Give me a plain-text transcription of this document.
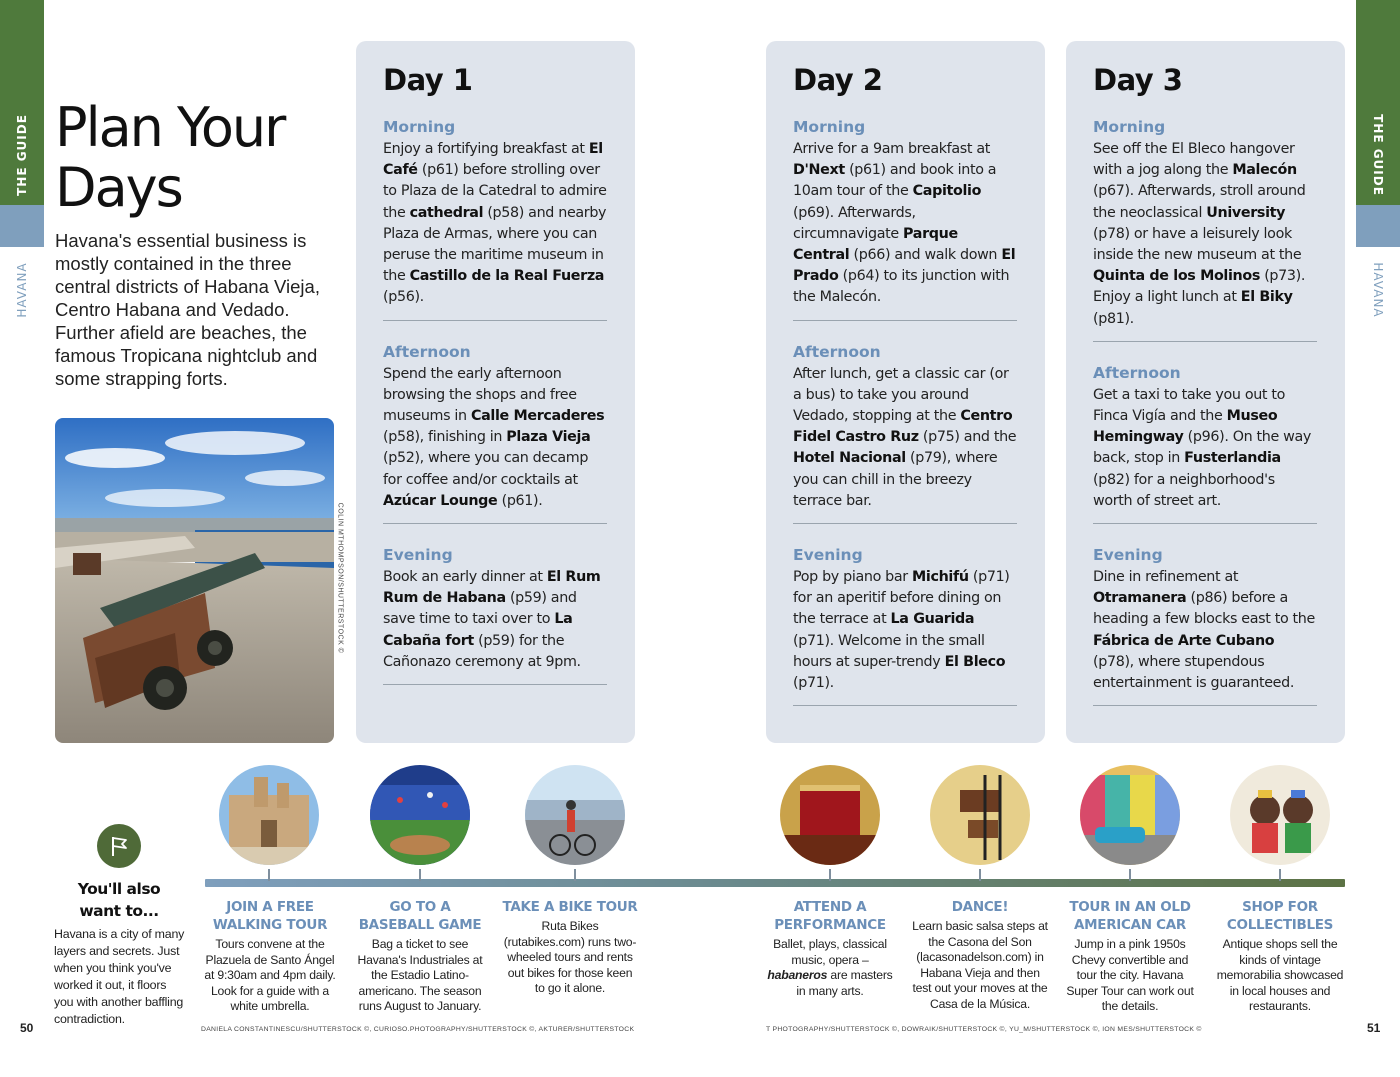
THE GUIDE
HAVANA
THE GUIDE
HAVANA
Plan Your Days

Havana's essential business is mostly contained in the three central districts of Habana Vieja, Centro Habana and Vedado. Further afield are beaches, the famous Tropicana nightclub and some strapping forts.

COLIN MTHOMPSON/SHUTTERSTOCK ©
Day 1
Morning
Enjoy a fortifying breakfast at El Café (p61) before strolling over to Plaza de la Catedral to admire the cathedral (p58) and nearby Plaza de Armas, where you can peruse the maritime museum in the Castillo de la Real Fuerza (p56).
Afternoon
Spend the early afternoon browsing the shops and free museums in Calle Mercaderes (p58), finishing in Plaza Vieja (p52), where you can decamp for coffee and/or cocktails at Azúcar Lounge (p61).
Evening
Book an early dinner at El Rum Rum de Habana (p59) and save time to taxi over to La Cabaña fort (p59) for the Cañonazo ceremony at 9pm.
Day 2
Morning
Arrive for a 9am breakfast at D'Next (p61) and book into a 10am tour of the Capitolio (p69). Afterwards, circumnavigate Parque Central (p66) and walk down El Prado (p64) to its junction with the Malecón.
Afternoon
After lunch, get a classic car (or a bus) to take you around Vedado, stopping at the Centro Fidel Castro Ruz (p75) and the Hotel Nacional (p79), where you can chill in the breezy terrace bar.
Evening
Pop by piano bar Michifú (p71) for an aperitif before dining on the terrace at La Guarida (p71). Welcome in the small hours at super-trendy El Bleco (p71).
Day 3
Morning
See off the El Bleco hangover with a jog along the Malecón (p67). Afterwards, stroll around the neoclassical University (p78) or have a leisurely look inside the new museum at the Quinta de los Molinos (p73). Enjoy a light lunch at El Biky (p81).
Afternoon
Get a taxi to take you out to Finca Vigía and the Museo Hemingway (p96). On the way back, stop in Fusterlandia (p82) for a neighborhood's worth of street art.
Evening
Dine in refinement at Otramanera (p86) before a heading a few blocks east to the Fábrica de Arte Cubano (p78), where stupendous entertainment is guaranteed.
You'll also want to...
Havana is a city of many layers and secrets. Just when you think you've worked it out, it floors you with another baffling contradiction.
JOIN A FREE WALKING TOUR
Tours convene at the Plazuela de Santo Ángel at 9:30am and 4pm daily. Look for a guide with a white umbrella.
GO TO A BASEBALL GAME
Bag a ticket to see Havana's Industriales at the Estadio Latino-americano. The season runs August to January.
TAKE A BIKE TOUR
Ruta Bikes (rutabikes.com) runs two-wheeled tours and rents out bikes for those keen to go it alone.
ATTEND A PERFORMANCE
Ballet, plays, classical music, opera – habaneros are masters in many arts.
DANCE!
Learn basic salsa steps at the Casona del Son (lacasonadelson.com) in Habana Vieja and then test out your moves at the Casa de la Música.
TOUR IN AN OLD AMERICAN CAR
Jump in a pink 1950s Chevy convertible and tour the city. Havana Super Tour can work out the details.
SHOP FOR COLLECTIBLES
Antique shops sell the kinds of vintage memorabilia showcased in local houses and restaurants.
50	51
DANIELA CONSTANTINESCU/SHUTTERSTOCK ©, CURIOSO.PHOTOGRAPHY/SHUTTERSTOCK ©, AKTURER/SHUTTERSTOCK	T PHOTOGRAPHY/SHUTTERSTOCK ©, DOWRAIK/SHUTTERSTOCK ©, YU_M/SHUTTERSTOCK ©, ION MES/SHUTTERSTOCK ©
